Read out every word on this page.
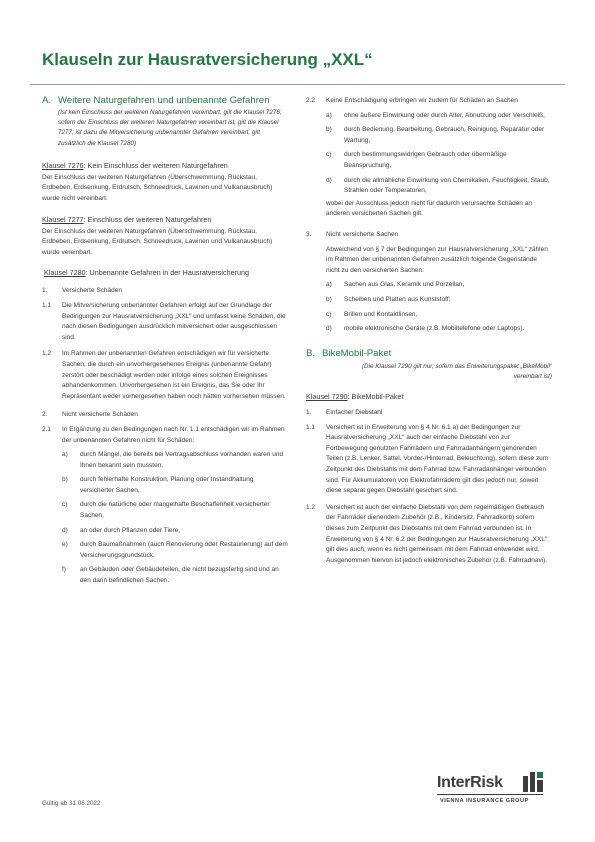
Klauseln zur Hausratversicherung „XXL“
A. Weitere Naturgefahren und unbenannte Gefahren
(Ist kein Einschluss der weiteren Naturgefahren vereinbart, gilt die Klausel 7276; sofern der Einschluss der weiteren Naturgefahren vereinbart ist, gilt die Klausel 7277; ist dazu die Mitversicherung unbenannter Gefahren vereinbart, gilt zusätzlich die Klausel 7280)
Klausel 7276: Kein Einschluss der weiteren Naturgefahren
Der Einschluss der weiteren Naturgefahren (Überschwemmung, Rückstau, Erdbeben, Erdsenkung, Erdrutsch, Schneedruck, Lawinen und Vulkanausbruch) wurde nicht vereinbart.
Klausel 7277: Einschluss der weiteren Naturgefahren
Der Einschluss der weiteren Naturgefahren (Überschwemmung, Rückstau, Erdbeben, Erdsenkung, Erdrutsch, Schneedruck, Lawinen und Vulkanausbruch) wurde vereinbart.
Klausel 7280: Unbenannte Gefahren in der Hausratversicherung
1. Versicherte Schäden
1.1 Die Mitversicherung unbenannter Gefahren erfolgt auf der Grundlage der Bedingungen zur Hausratversicherung „XXL“ und umfasst keine Schäden, die nach diesen Bedingungen ausdrücklich mitversichert oder ausgeschlossen sind.
1.2 Im Rahmen der unbenannten Gefahren entschädigen wir für versicherte Sachen, die durch ein unvorhergesehenes Ereignis (unbenannte Gefahr) zerstört oder beschädigt werden oder infolge eines solchen Ereignisses abhandenkommen. Unvorhergesehen ist ein Ereignis, das Sie oder Ihr Repräsentant weder vorhergesehen haben noch hätten vorhersehen müssen.
2. Nicht versicherte Schäden
2.1 In Ergänzung zu den Bedingungen nach Nr. 1.1 entschädigen wir im Rahmen der unbenannten Gefahren nicht für Schäden:
a) durch Mängel, die bereits bei Vertragsabschluss vorhanden waren und Ihnen bekannt sein mussten,
b) durch fehlerhafte Konstruktion, Planung oder Instandhaltung versicherter Sachen,
c) durch die natürliche oder mangelhafte Beschaffenheit versicherter Sachen,
d) an oder durch Pflanzen oder Tiere,
e) durch Baumaßnahmen (auch Renovierung oder Restaurierung) auf dem Versicherungsgrundstück,
f) an Gebäuden oder Gebäudeteilen, die nicht bezugsfertig sind und an den darin befindlichen Sachen.
2.2 Keine Entschädigung erbringen wir zudem für Schäden an Sachen
a) ohne äußere Einwirkung oder durch Alter, Abnutzung oder Verschleiß,
b) durch Bedienung, Bearbeitung, Gebrauch, Reinigung, Reparatur oder Wartung,
c) durch bestimmungswidrigen Gebrauch oder übermäßige Beanspruchung,
d) durch die allmähliche Einwirkung von Chemikalien, Feuchtigkeit, Staub, Strahlen oder Temperaturen,
wobei der Ausschluss jedoch nicht für dadurch verursachte Schäden an anderen versicherten Sachen gilt.
3. Nicht versicherte Sachen
Abweichend von § 7 der Bedingungen zur Hausratversicherung „XXL“ zählen im Rahmen der unbenannten Gefahren zusätzlich folgende Gegenstände nicht zu den versicherten Sachen:
a) Sachen aus Glas, Keramik und Porzellan,
b) Scheiben und Platten aus Kunststoff;
c) Brillen und Kontaktlinsen,
d) mobile elektronische Geräte (z.B. Mobiltelefone oder Laptops).
B. BikeMobil-Paket
(Die Klausel 7290 gilt nur, sofern das Erweiterungspaket „BikeMobil“ vereinbart ist)
Klausel 7290: BikeMobil-Paket
1. Einfacher Diebstahl
1.1 Versichert ist in Erweiterung von § 4 Nr. 6.1 a) der Bedingungen zur Hausratversicherung „XXL“ auch der einfache Diebstahl von zur Fortbewegung genutzten Fahrrädern und Fahrradanhängern gehörenden Teilen (z.B. Lenker, Sattel, Vorder-/Hinterrad, Beleuchtung), sofern diese zum Zeitpunkt des Diebstahls mit dem Fahrrad bzw. Fahrradanhänger verbunden sind. Für Akkumulatoren von Elektrofahrrädern gilt dies jedoch nur, soweit diese separat gegen Diebstahl gesichert sind.
1.2 Versichert ist auch der einfache Diebstahl von dem regelmäßigen Gebrauch der Fahrräder dienendem Zubehör (z.B., Kindersitz, Fahrradkorb) sofern dieses zum Zeitpunkt des Diebstahls mit dem Fahrrad verbunden ist. In Erweiterung von § 4 Nr. 6.2 der Bedingungen zur Hausratversicherung „XXL“ gilt dies auch, wenn es nicht gemeinsam mit dem Fahrrad entwendet wird. Ausgenommen hiervon ist jedoch elektronisches Zubehör (z.B. Fahrradnavi).
Gültig ab 31.08.2022
InterRisk
VIENNA INSURANCE GROUP
